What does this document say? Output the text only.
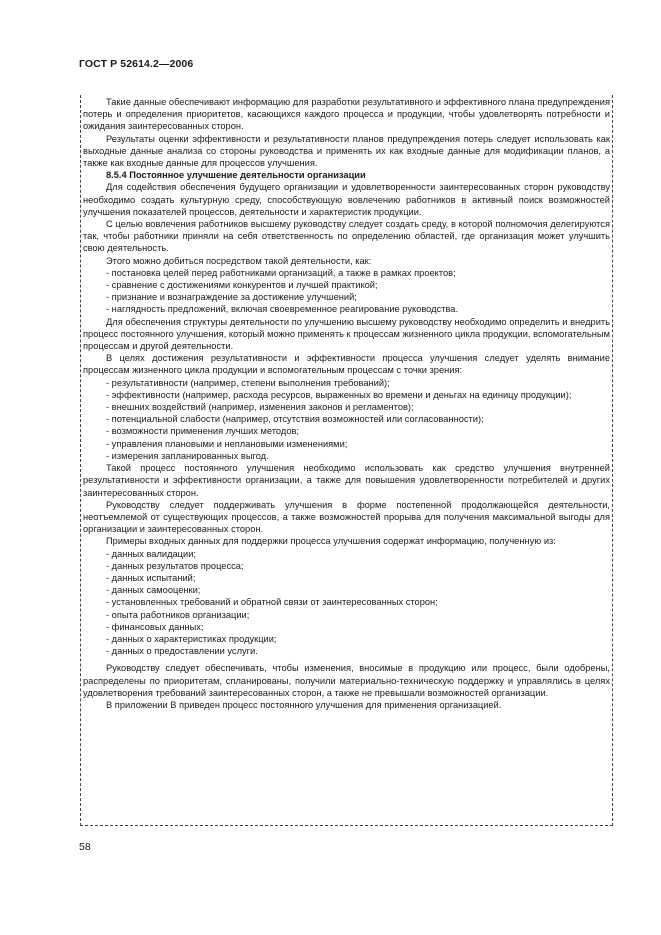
ГОСТ Р 52614.2—2006

Такие данные обеспечивают информацию для разработки результативного и эффективного плана предупреждения потерь и определения приоритетов, касающихся каждого процесса и продукции, чтобы удовлетворять потребности и ожидания заинтересованных сторон.

Результаты оценки эффективности и результативности планов предупреждения потерь следует использовать как выходные данные анализа со стороны руководства и применять их как входные данные для модификации планов, а также как входные данные для процессов улучшения.

8.5.4 Постоянное улучшение деятельности организации

Для содействия обеспечения будущего организации и удовлетворенности заинтересованных сторон руководству необходимо создать культурную среду, способствующую вовлечению работников в активный поиск возможностей улучшения показателей процессов, деятельности и характеристик продукции.

С целью вовлечения работников высшему руководству следует создать среду, в которой полномочия делегируются так, чтобы работники приняли на себя ответственность по определению областей, где организация может улучшить свою деятельность.

Этого можно добиться посредством такой деятельности, как:

- постановка целей перед работниками организаций, а также в рамках проектов;
- сравнение с достижениями конкурентов и лучшей практикой;
- признание и вознаграждение за достижение улучшений;
- наглядность предложений, включая своевременное реагирование руководства.

Для обеспечения структуры деятельности по улучшению высшему руководству необходимо определить и внедрить процесс постоянного улучшения, который можно применять к процессам жизненного цикла продукции, вспомогательным процессам и другой деятельности.

В целях достижения результативности и эффективности процесса улучшения следует уделять внимание процессам жизненного цикла продукции и вспомогательным процессам с точки зрения:

- результативности (например, степени выполнения требований);

- эффективности (например, расхода ресурсов, выраженных во времени и деньгах на единицу продукции);

- внешних воздействий (например, изменения законов и регламентов);
- потенциальной слабости (например, отсутствия возможностей или согласованности);
- возможности применения лучших методов;
- управления плановыми и неплановыми изменениями;
- измерения запланированных выгод.

Такой процесс постоянного улучшения необходимо использовать как средство улучшения внутренней результативности и эффективности организации, а также для повышения удовлетворенности потребителей и других заинтересованных сторон.

Руководству следует поддерживать улучшения в форме постепенной продолжающейся деятельности, неотъемлемой от существующих процессов, а также возможностей прорыва для получения максимальной выгоды для организации и заинтересованных сторон.

Примеры входных данных для поддержки процесса улучшения содержат информацию, полученную из:

- данных валидации;
- данных результатов процесса;
- данных испытаний;
- данных самооценки;
- установленных требований и обратной связи от заинтересованных сторон;
- опыта работников организации;
- финансовых данных;
- данных о характеристиках продукции;
- данных о предоставлении услуги.

Руководству следует обеспечивать, чтобы изменения, вносимые в продукцию или процесс, были одобрены, распределены по приоритетам, спланированы, получили материально-техническую поддержку и управлялись в целях удовлетворения требований заинтересованных сторон, а также не превышали возможностей организации.

В приложении В приведен процесс постоянного улучшения для применения организацией.

58
